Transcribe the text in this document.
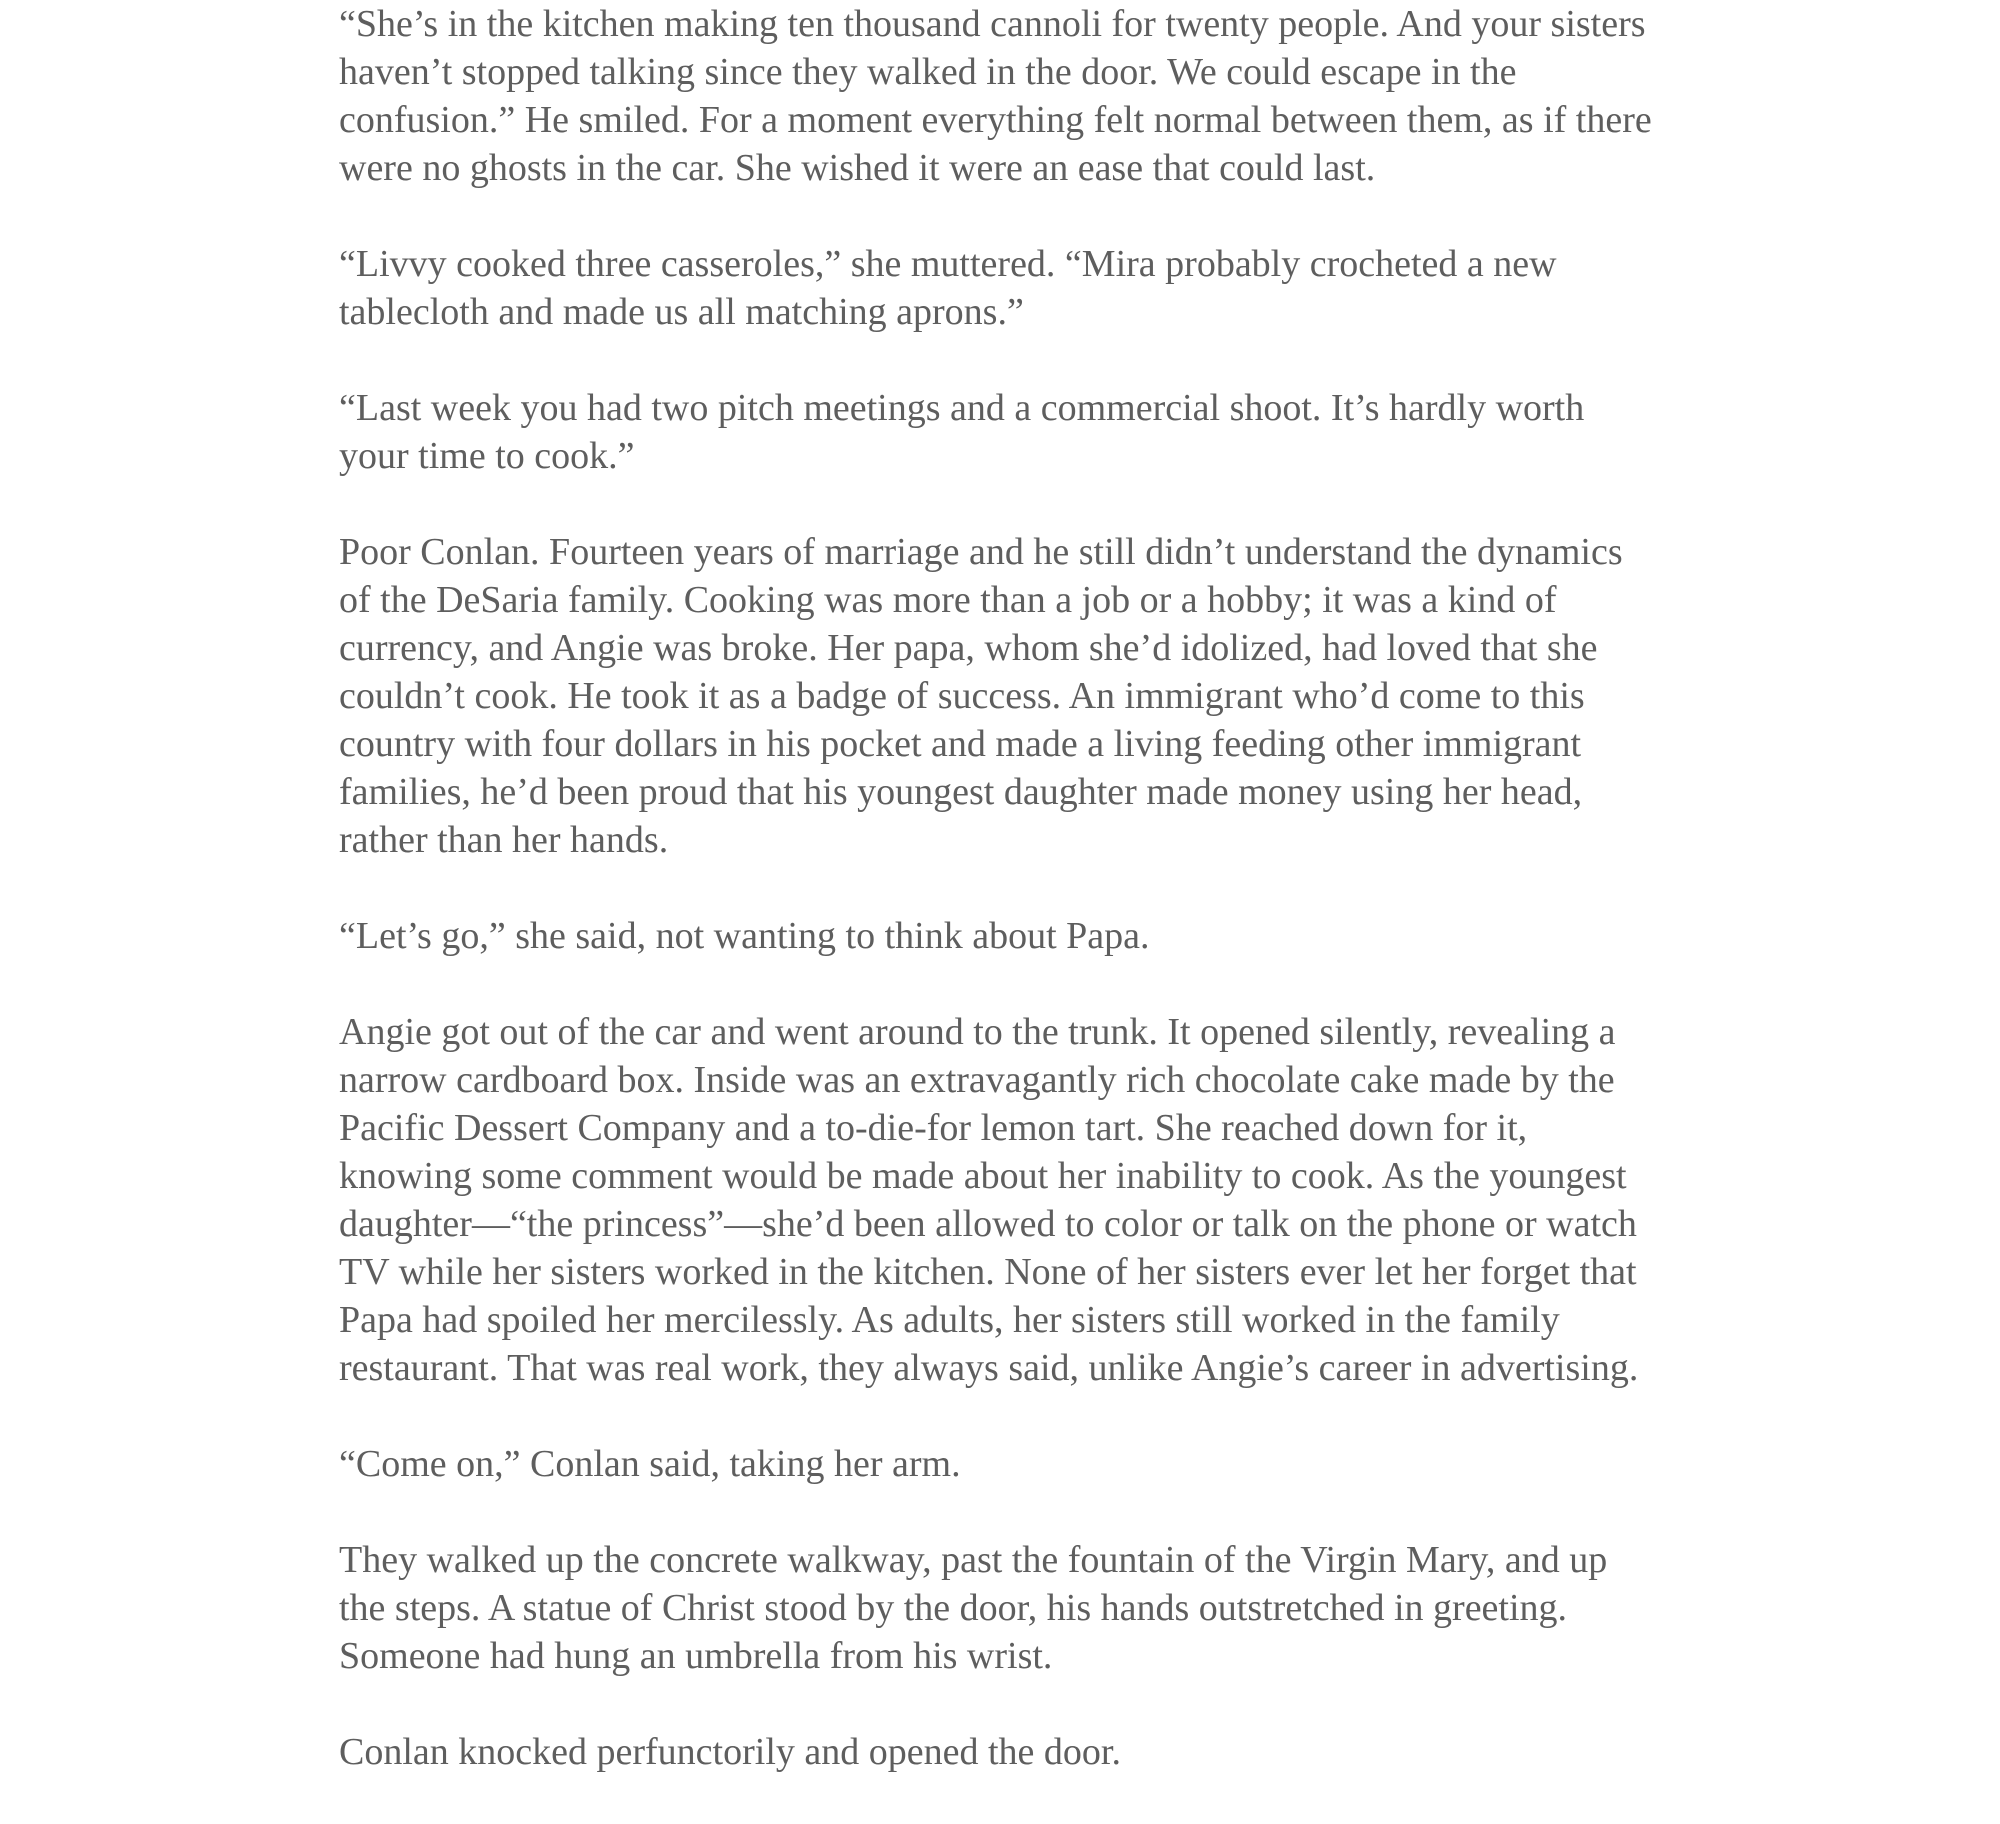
“She’s in the kitchen making ten thousand cannoli for twenty people. And your sisters
haven’t stopped talking since they walked in the door. We could escape in the
confusion.” He smiled. For a moment everything felt normal between them, as if there
were no ghosts in the car. She wished it were an ease that could last.

“Livvy cooked three casseroles,” she muttered. “Mira probably crocheted a new
tablecloth and made us all matching aprons.”

“Last week you had two pitch meetings and a commercial shoot. It’s hardly worth
your time to cook.”

Poor Conlan. Fourteen years of marriage and he still didn’t understand the dynamics
of the DeSaria family. Cooking was more than a job or a hobby; it was a kind of
currency, and Angie was broke. Her papa, whom she’d idolized, had loved that she
couldn’t cook. He took it as a badge of success. An immigrant who’d come to this
country with four dollars in his pocket and made a living feeding other immigrant
families, he’d been proud that his youngest daughter made money using her head,
rather than her hands.

“Let’s go,” she said, not wanting to think about Papa.

Angie got out of the car and went around to the trunk. It opened silently, revealing a
narrow cardboard box. Inside was an extravagantly rich chocolate cake made by the
Pacific Dessert Company and a to-die-for lemon tart. She reached down for it,
knowing some comment would be made about her inability to cook. As the youngest
daughter—“the princess”—she’d been allowed to color or talk on the phone or watch
TV while her sisters worked in the kitchen. None of her sisters ever let her forget that
Papa had spoiled her mercilessly. As adults, her sisters still worked in the family
restaurant. That was real work, they always said, unlike Angie’s career in advertising.

“Come on,” Conlan said, taking her arm.

They walked up the concrete walkway, past the fountain of the Virgin Mary, and up
the steps. A statue of Christ stood by the door, his hands outstretched in greeting.
Someone had hung an umbrella from his wrist.

Conlan knocked perfunctorily and opened the door.
